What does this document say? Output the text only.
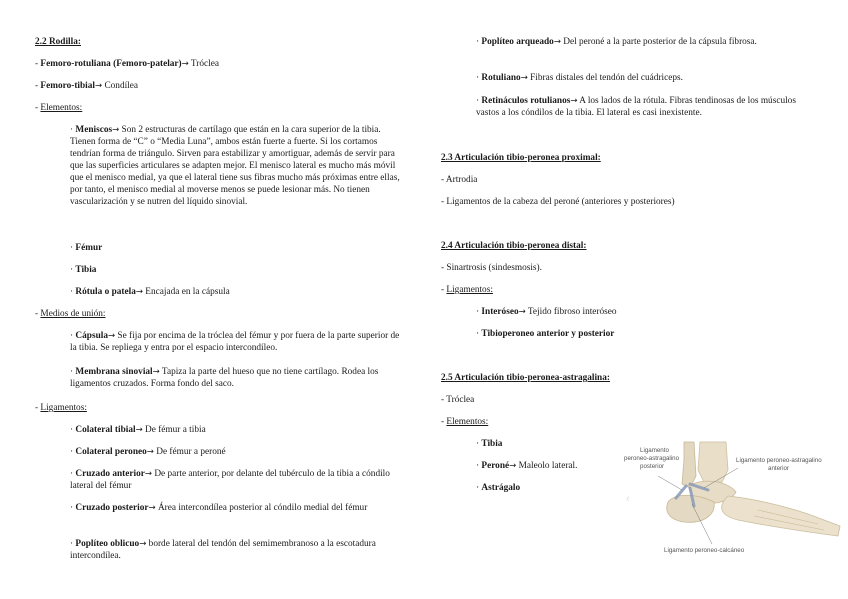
2.2 Rodilla:
- Femoro-rotuliana (Femoro-patelar)→ Tróclea
- Femoro-tibial→ Condílea
- Elementos:
· Meniscos→ Son 2 estructuras de cartílago que están en la cara superior de la tibia. Tienen forma de “C” o “Media Luna”, ambos están fuerte a fuerte. Si los cortamos tendrían forma de triángulo. Sirven para estabilizar y amortiguar, además de servir para que las superficies articulares se adapten mejor. El menisco lateral es mucho más móvil que el menisco medial, ya que el lateral tiene sus fibras mucho más próximas entre ellas, por tanto, el menisco medial al moverse menos se puede lesionar más. No tienen vascularización y se nutren del líquido sinovial.
· Fémur
· Tibia
· Rótula o patela→ Encajada en la cápsula
- Medios de unión:
· Cápsula→ Se fija por encima de la tróclea del fémur y por fuera de la parte superior de la tibia. Se repliega y entra por el espacio intercondíleo.
· Membrana sinovial→ Tapiza la parte del hueso que no tiene cartílago. Rodea los ligamentos cruzados. Forma fondo del saco.
- Ligamentos:
· Colateral tibial→ De fémur a tibia
· Colateral peroneo→ De fémur a peroné
· Cruzado anterior→ De parte anterior, por delante del tubérculo de la tibia a cóndilo lateral del fémur
· Cruzado posterior→ Área intercondílea posterior al cóndilo medial del fémur
· Poplíteo oblicuo→ borde lateral del tendón del semimembranoso a la escotadura intercondílea.
· Poplíteo arqueado→ Del peroné a la parte posterior de la cápsula fibrosa.
· Rotuliano→ Fibras distales del tendón del cuádriceps.
· Retináculos rotulianos→ A los lados de la rótula. Fibras tendinosas de los músculos vastos a los cóndilos de la tibia. El lateral es casi inexistente.
2.3 Articulación tibio-peronea proximal:
- Artrodia
- Ligamentos de la cabeza del peroné (anteriores y posteriores)
2.4 Articulación tibio-peronea distal:
- Sinartrosis (sindesmosis).
- Ligamentos:
· Interóseo→ Tejido fibroso interóseo
· Tibioperoneo anterior y posterior
2.5 Articulación tibio-peronea-astragalina:
- Tróclea
- Elementos:
· Tibia
· Peroné→ Maleolo lateral.
· Astrágalo
‹
Ligamento
peroneo-astragalino
posterior
Ligamento peroneo-astragalino
anterior
Ligamento peroneo-calcáneo
